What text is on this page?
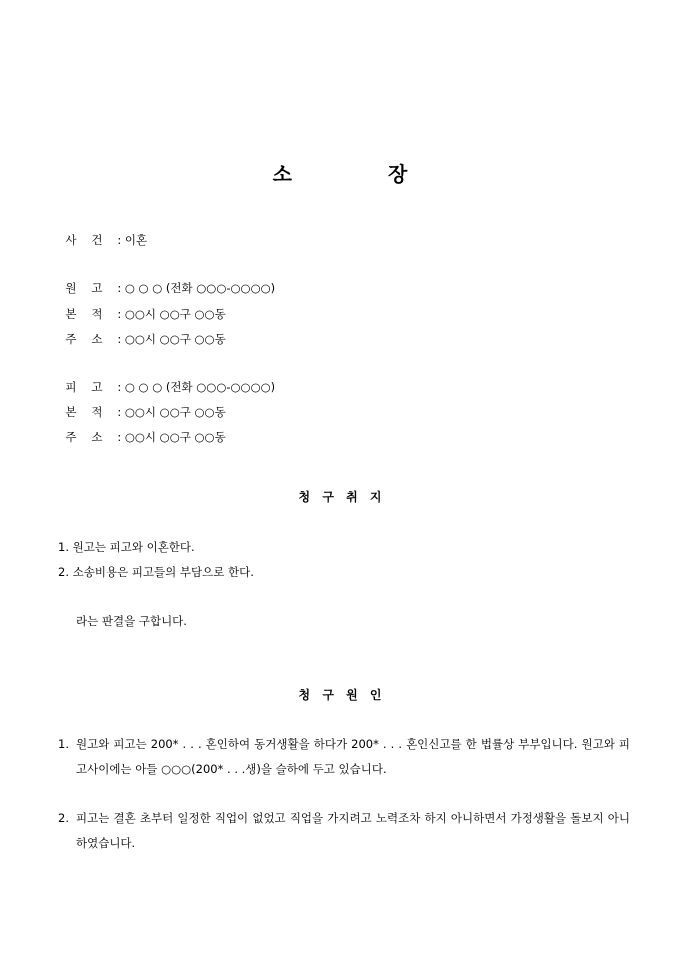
소	장

사 건 : 이혼

원 고 : ○ ○ ○ (전화 ○○○-○○○○)

본 적 : ○○시 ○○구 ○○동

주 소 : ○○시 ○○구 ○○동

피 고 : ○ ○ ○ (전화 ○○○-○○○○)

본 적 : ○○시 ○○구 ○○동

주 소 : ○○시 ○○구 ○○동

청 구 취 지
1. 원고는 피고와 이혼한다.
2. 소송비용은 피고들의 부담으로 한다.
라는 판결을 구합니다.
청 구 원 인
1. 원고와 피고는 200* . . . 혼인하여 동거생활을 하다가 200* . . . 혼인신고를 한 법률상 부부입니다. 원고와 피고사이에는 아들 ○○○(200* . . .생)을 슬하에 두고 있습니다.
2. 피고는 결혼 초부터 일정한 직업이 없었고 직업을 가지려고 노력조차 하지 아니하면서 가정생활을 돌보지 아니하였습니다.
